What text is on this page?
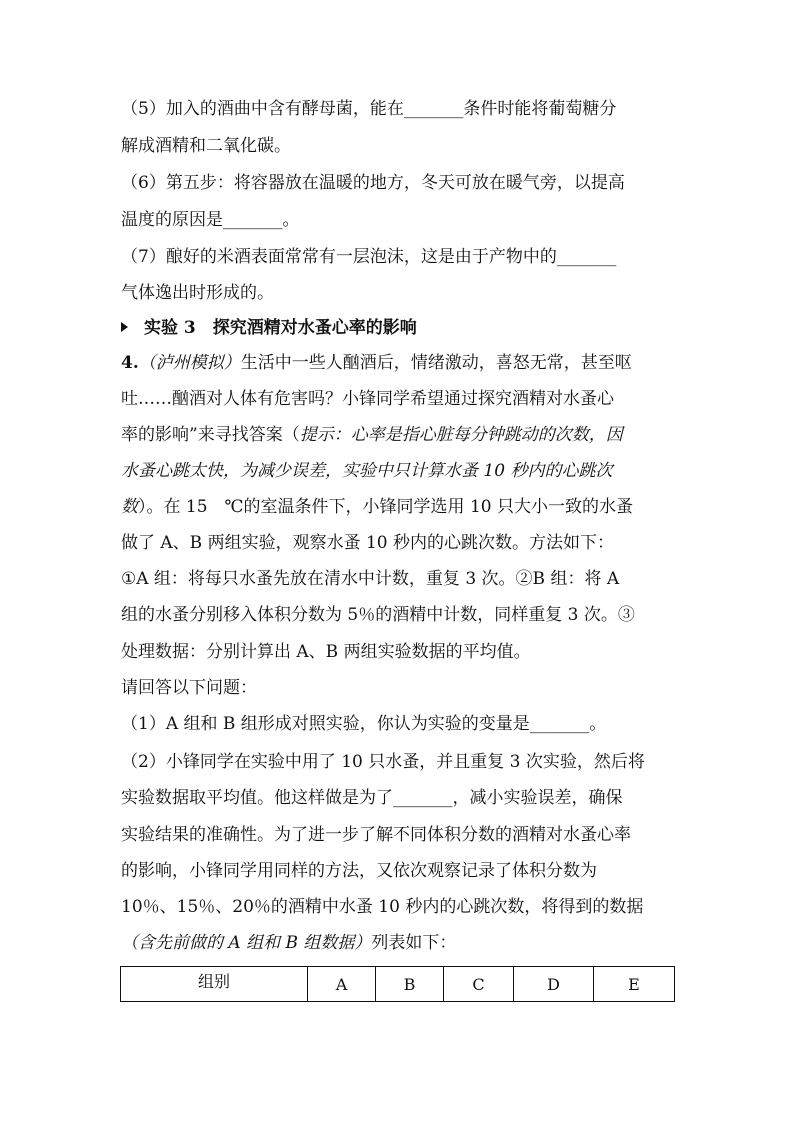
（5）加入的酒曲中含有酵母菌，能在_______条件时能将葡萄糖分
解成酒精和二氧化碳。
（6）第五步：将容器放在温暖的地方，冬天可放在暖气旁，以提高
温度的原因是_______。
（7）酿好的米酒表面常常有一层泡沫，这是由于产物中的_______
气体逸出时形成的。
实验 3　探究酒精对水蚤心率的影响
4.（泸州模拟）生活中一些人酗酒后，情绪激动，喜怒无常，甚至呕
吐……酗酒对人体有危害吗？小锋同学希望通过探究酒精对水蚤心
率的影响”来寻找答案（提示：心率是指心脏每分钟跳动的次数，因
水蚤心跳太快，为减少误差，实验中只计算水蚤 10 秒内的心跳次
数）。在 15　℃的室温条件下，小锋同学选用 10 只大小一致的水蚤
做了 A、B 两组实验，观察水蚤 10 秒内的心跳次数。方法如下：
①A 组：将每只水蚤先放在清水中计数，重复 3 次。②B 组：将 A
组的水蚤分别移入体积分数为 5％的酒精中计数，同样重复 3 次。③
处理数据：分别计算出 A、B 两组实验数据的平均值。
请回答以下问题：
（1）A 组和 B 组形成对照实验，你认为实验的变量是_______。
（2）小锋同学在实验中用了 10 只水蚤，并且重复 3 次实验，然后将
实验数据取平均值。他这样做是为了_______，减小实验误差，确保
实验结果的准确性。为了进一步了解不同体积分数的酒精对水蚤心率
的影响，小锋同学用同样的方法，又依次观察记录了体积分数为
10％、15％、20％的酒精中水蚤 10 秒内的心跳次数，将得到的数据
（含先前做的 A 组和 B 组数据）列表如下：
组别	A	B	C	D	E
